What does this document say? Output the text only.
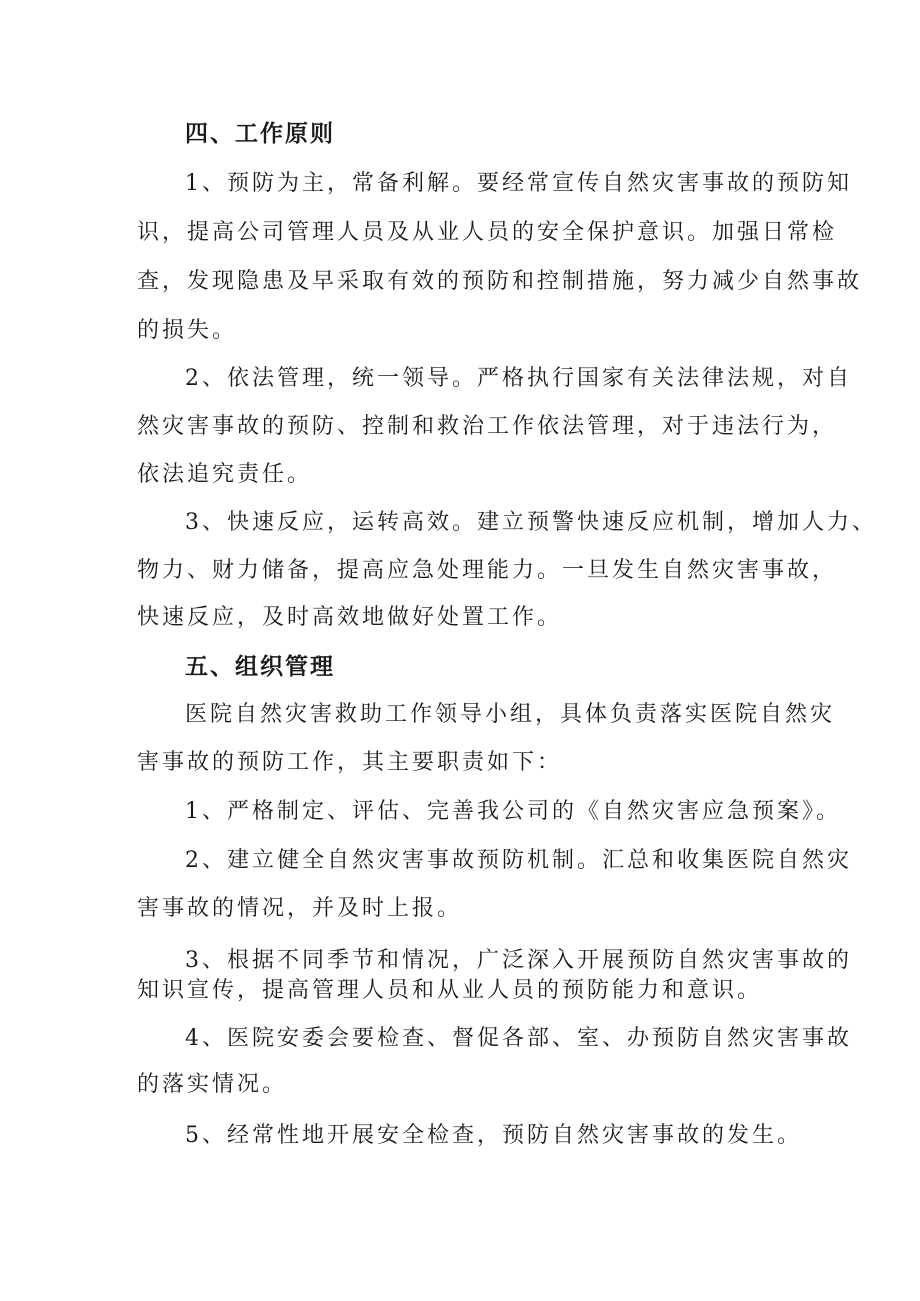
四、工作原则
1、预防为主，常备利解。要经常宣传自然灾害事故的预防知
识，提高公司管理人员及从业人员的安全保护意识。加强日常检
查，发现隐患及早采取有效的预防和控制措施，努力减少自然事故
的损失。
2、依法管理，统一领导。严格执行国家有关法律法规，对自
然灾害事故的预防、控制和救治工作依法管理，对于违法行为，
依法追究责任。
3、快速反应，运转高效。建立预警快速反应机制，增加人力、
物力、财力储备，提高应急处理能力。一旦发生自然灾害事故，
快速反应，及时高效地做好处置工作。
五、组织管理
医院自然灾害救助工作领导小组，具体负责落实医院自然灾
害事故的预防工作，其主要职责如下：
1、严格制定、评估、完善我公司的《自然灾害应急预案》。
2、建立健全自然灾害事故预防机制。汇总和收集医院自然灾
害事故的情况，并及时上报。
3、根据不同季节和情况，广泛深入开展预防自然灾害事故的
知识宣传，提高管理人员和从业人员的预防能力和意识。
4、医院安委会要检查、督促各部、室、办预防自然灾害事故
的落实情况。
5、经常性地开展安全检查，预防自然灾害事故的发生。
